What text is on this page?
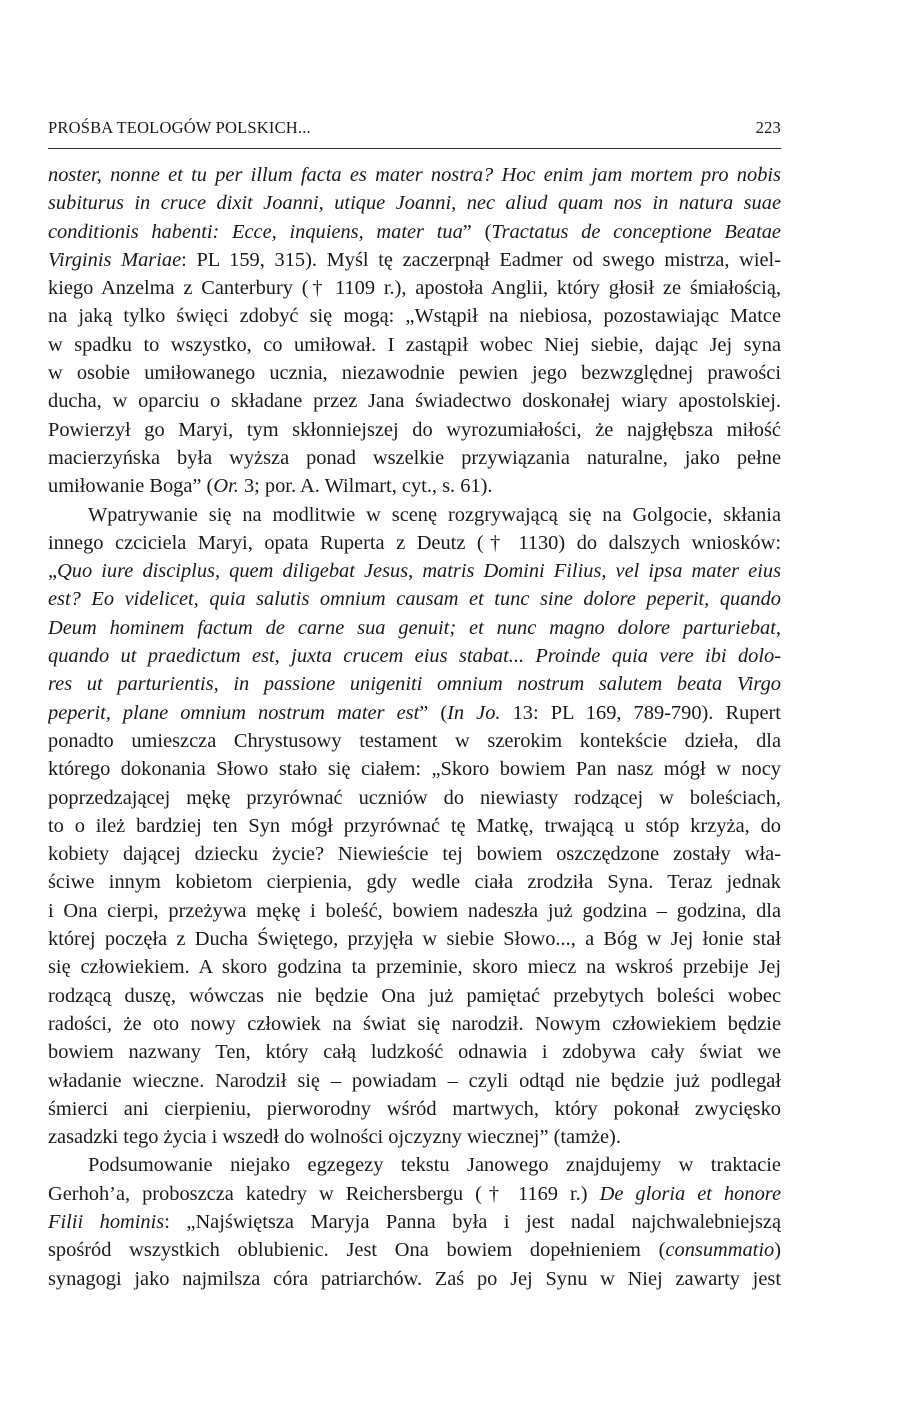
PROŚBA TEOLOGÓW POLSKICH...	223
noster, nonne et tu per illum facta es mater nostra? Hoc enim jam mortem pro nobis
subiturus in cruce dixit Joanni, utique Joanni, nec aliud quam nos in natura suae
conditionis habenti: Ecce, inquiens, mater tua” (Tractatus de conceptione Beatae
Virginis Mariae: PL 159, 315). Myśl tę zaczerpnął Eadmer od swego mistrza, wiel-
kiego Anzelma z Canterbury († 1109 r.), apostoła Anglii, który głosił ze śmiałością,
na jaką tylko święci zdobyć się mogą: „Wstąpił na niebiosa, pozostawiając Matce
w spadku to wszystko, co umiłował. I zastąpił wobec Niej siebie, dając Jej syna
w osobie umiłowanego ucznia, niezawodnie pewien jego bezwzględnej prawości
ducha, w oparciu o składane przez Jana świadectwo doskonałej wiary apostolskiej.
Powierzył go Maryi, tym skłonniejszej do wyrozumiałości, że najgłębsza miłość
macierzyńska była wyższa ponad wszelkie przywiązania naturalne, jako pełne
umiłowanie Boga” (Or. 3; por. A. Wilmart, cyt., s. 61).
Wpatrywanie się na modlitwie w scenę rozgrywającą się na Golgocie, skłania
innego czciciela Maryi, opata Ruperta z Deutz († 1130) do dalszych wniosków:
„Quo iure disciplus, quem diligebat Jesus, matris Domini Filius, vel ipsa mater eius
est? Eo videlicet, quia salutis omnium causam et tunc sine dolore peperit, quando
Deum hominem factum de carne sua genuit; et nunc magno dolore parturiebat,
quando ut praedictum est, juxta crucem eius stabat... Proinde quia vere ibi dolo-
res ut parturientis, in passione unigeniti omnium nostrum salutem beata Virgo
peperit, plane omnium nostrum mater est” (In Jo. 13: PL 169, 789-790). Rupert
ponadto umieszcza Chrystusowy testament w szerokim kontekście dzieła, dla
którego dokonania Słowo stało się ciałem: „Skoro bowiem Pan nasz mógł w nocy
poprzedzającej mękę przyrównać uczniów do niewiasty rodzącej w boleściach,
to o ileż bardziej ten Syn mógł przyrównać tę Matkę, trwającą u stóp krzyża, do
kobiety dającej dziecku życie? Niewieście tej bowiem oszczędzone zostały wła-
ściwe innym kobietom cierpienia, gdy wedle ciała zrodziła Syna. Teraz jednak
i Ona cierpi, przeżywa mękę i boleść, bowiem nadeszła już godzina – godzina, dla
której poczęła z Ducha Świętego, przyjęła w siebie Słowo..., a Bóg w Jej łonie stał
się człowiekiem. A skoro godzina ta przeminie, skoro miecz na wskroś przebije Jej
rodzącą duszę, wówczas nie będzie Ona już pamiętać przebytych boleści wobec
radości, że oto nowy człowiek na świat się narodził. Nowym człowiekiem będzie
bowiem nazwany Ten, który całą ludzkość odnawia i zdobywa cały świat we
władanie wieczne. Narodził się – powiadam – czyli odtąd nie będzie już podlegał
śmierci ani cierpieniu, pierworodny wśród martwych, który pokonał zwycięsko
zasadzki tego życia i wszedł do wolności ojczyzny wiecznej” (tamże).
Podsumowanie niejako egzegezy tekstu Janowego znajdujemy w traktacie
Gerhoh’a, proboszcza katedry w Reichersbergu († 1169 r.) De gloria et honore
Filii hominis: „Najświętsza Maryja Panna była i jest nadal najchwalebniejszą
spośród wszystkich oblubienic. Jest Ona bowiem dopełnieniem (consummatio)
synagogi jako najmilsza córa patriarchów. Zaś po Jej Synu w Niej zawarty jest
